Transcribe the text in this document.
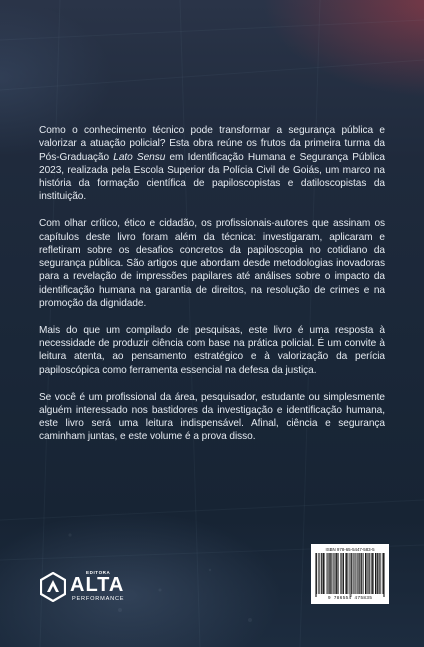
Como o conhecimento técnico pode transformar a segurança pública e valorizar a atuação policial? Esta obra reúne os frutos da primeira turma da Pós-Graduação Lato Sensu em Identificação Humana e Segurança Pública 2023, realizada pela Escola Superior da Polícia Civil de Goiás, um marco na história da formação científica de papiloscopistas e datiloscopistas da instituição.

Com olhar crítico, ético e cidadão, os profissionais-autores que assinam os capítulos deste livro foram além da técnica: investigaram, aplicaram e refletiram sobre os desafios concretos da papiloscopia no cotidiano da segurança pública. São artigos que abordam desde metodologias inovadoras para a revelação de impressões papilares até análises sobre o impacto da identificação humana na garantia de direitos, na resolução de crimes e na promoção da dignidade.

Mais do que um compilado de pesquisas, este livro é uma resposta à necessidade de produzir ciência com base na prática policial. É um convite à leitura atenta, ao pensamento estratégico e à valorização da perícia papiloscópica como ferramenta essencial na defesa da justiça.

Se você é um profissional da área, pesquisador, estudante ou simplesmente alguém interessado nos bastidores da investigação e identificação humana, este livro será uma leitura indispensável. Afinal, ciência e segurança caminham juntas, e este volume é a prova disso.

EDITORA
ALTA
PERFORMANCE
ISBN 978-65-5447-583-5
9 786554 475835
